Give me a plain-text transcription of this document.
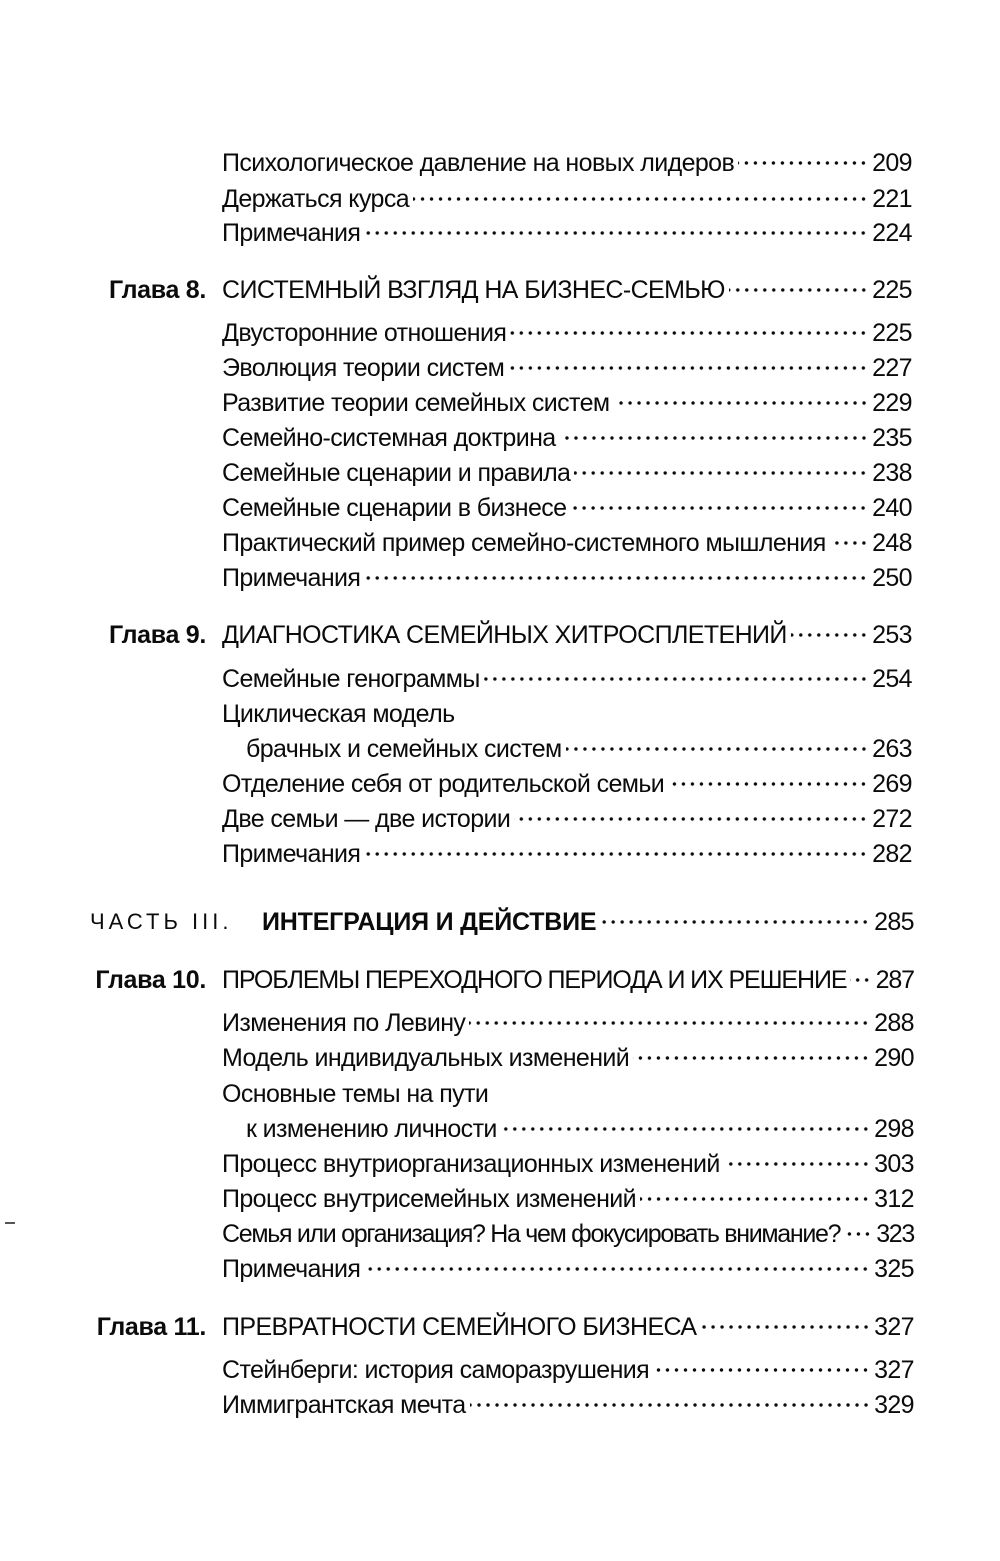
Психологическое давление на новых лидеров	209
Держаться курса	221
Примечания	224
Глава 8. СИСТЕМНЫЙ ВЗГЛЯД НА БИЗНЕС-СЕМЬЮ	225
Двусторонние отношения	225
Эволюция теории систем	227
Развитие теории семейных систем	229
Семейно-системная доктрина	235
Семейные сценарии и правила	238
Семейные сценарии в бизнесе	240
Практический пример семейно-системного мышления 248
Примечания	250
Глава 9. ДИАГНОСТИКА СЕМЕЙНЫХ ХИТРОСПЛЕТЕНИЙ	253
Семейные генограммы	254
Циклическая модель
брачных и семейных систем	263
Отделение себя от родительской семьи	269
Две семьи — две истории	272
Примечания	282
ЧАСТЬ III. ИНТЕГРАЦИЯ И ДЕЙСТВИЕ	285
Глава 10. ПРОБЛЕМЫ ПЕРЕХОДНОГО ПЕРИОДА И ИХ РЕШЕНИЕ 287
Изменения по Левину	288
Модель индивидуальных изменений	290
Основные темы на пути
к изменению личности	298
Процесс внутриорганизационных изменений	303
Процесс внутрисемейных изменений	312
Семья или организация? На чем фокусировать внимание? 323
Примечания	325
Глава 11. ПРЕВРАТНОСТИ СЕМЕЙНОГО БИЗНЕСА	327
Стейнберги: история саморазрушения	327
Иммигрантская мечта	329
